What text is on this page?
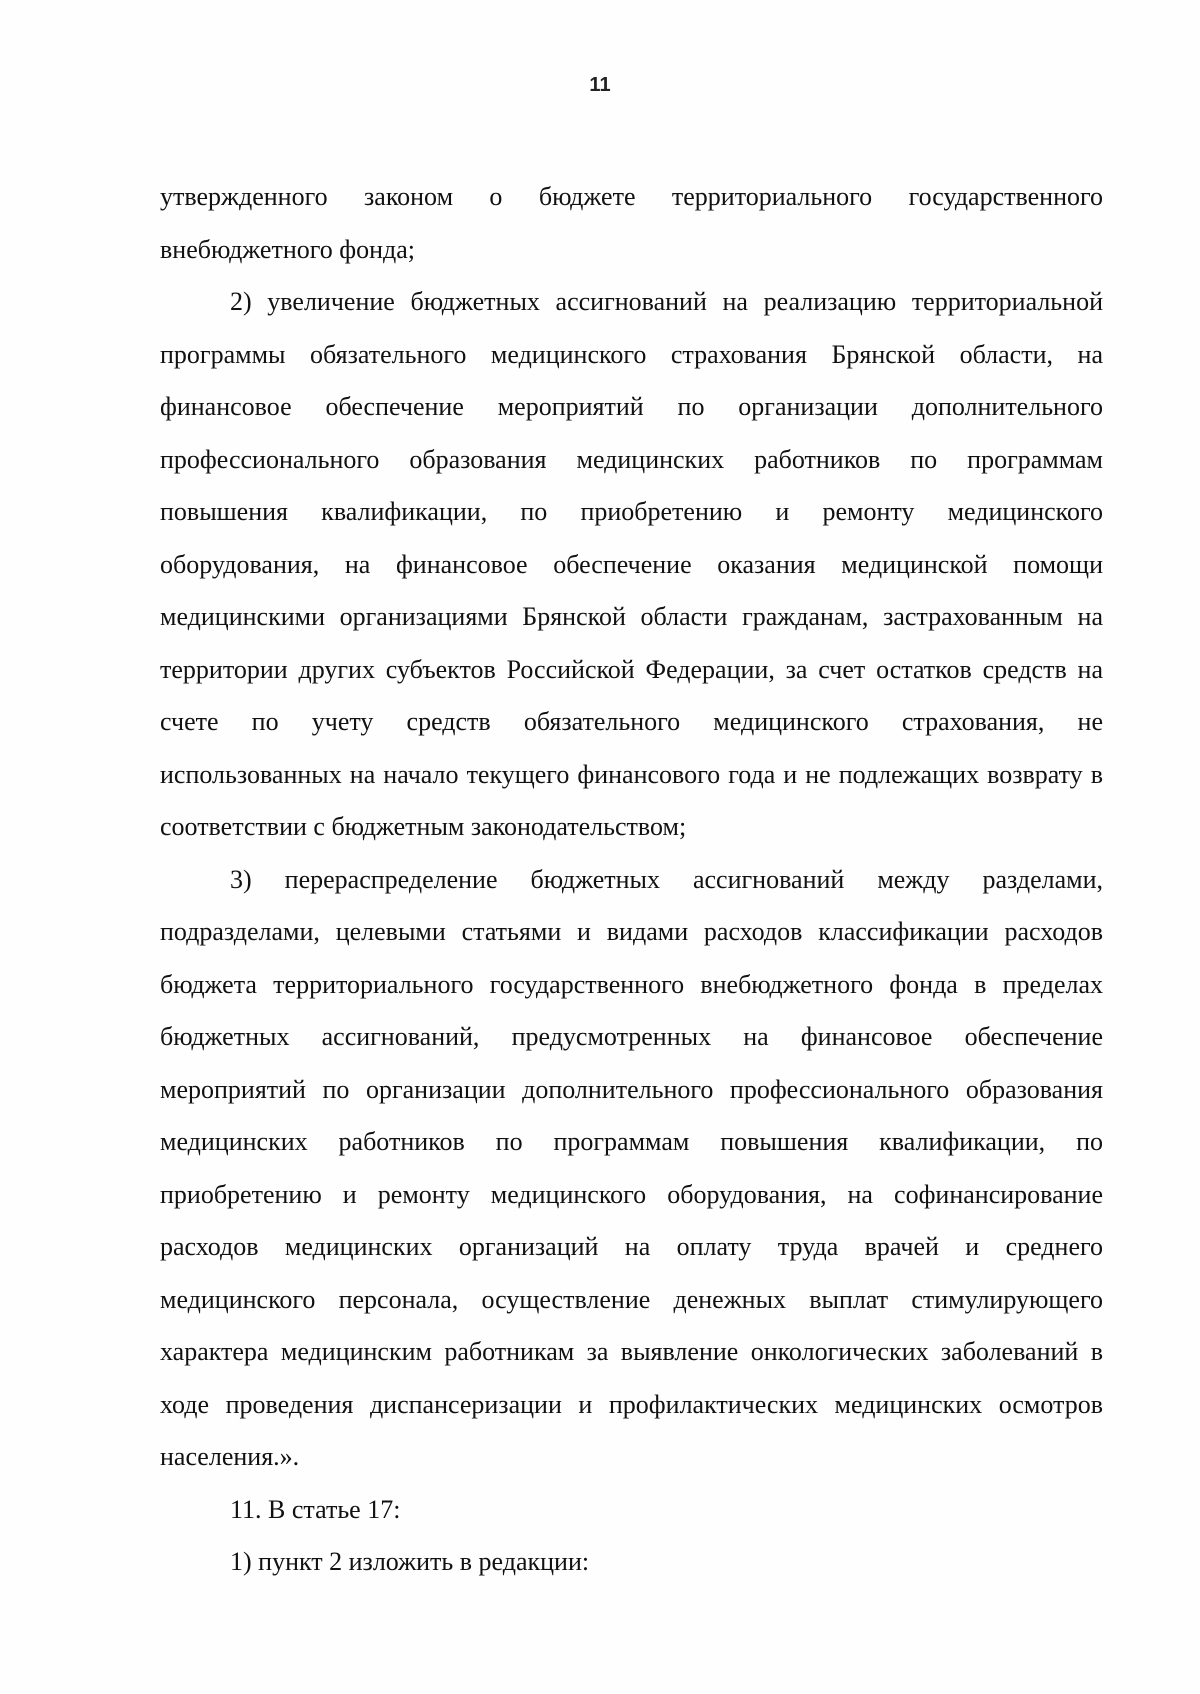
11

утвержденного законом о бюджете территориального государственного внебюджетного фонда;

2) увеличение бюджетных ассигнований на реализацию территориальной программы обязательного медицинского страхования Брянской области, на финансовое обеспечение мероприятий по организации дополнительного профессионального образования медицинских работников по программам повышения квалификации, по приобретению и ремонту медицинского оборудования, на финансовое обеспечение оказания медицинской помощи медицинскими организациями Брянской области гражданам, застрахованным на территории других субъектов Российской Федерации, за счет остатков средств на счете по учету средств обязательного медицинского страхования, не использованных на начало текущего финансового года и не подлежащих возврату в соответствии с бюджетным законодательством;

3) перераспределение бюджетных ассигнований между разделами, подразделами, целевыми статьями и видами расходов классификации расходов бюджета территориального государственного внебюджетного фонда в пределах бюджетных ассигнований, предусмотренных на финансовое обеспечение мероприятий по организации дополнительного профессионального образования медицинских работников по программам повышения квалификации, по приобретению и ремонту медицинского оборудования, на софинансирование расходов медицинских организаций на оплату труда врачей и среднего медицинского персонала, осуществление денежных выплат стимулирующего характера медицинским работникам за выявление онкологических заболеваний в ходе проведения диспансеризации и профилактических медицинских осмотров населения.».

11. В статье 17:

1) пункт 2 изложить в редакции:
